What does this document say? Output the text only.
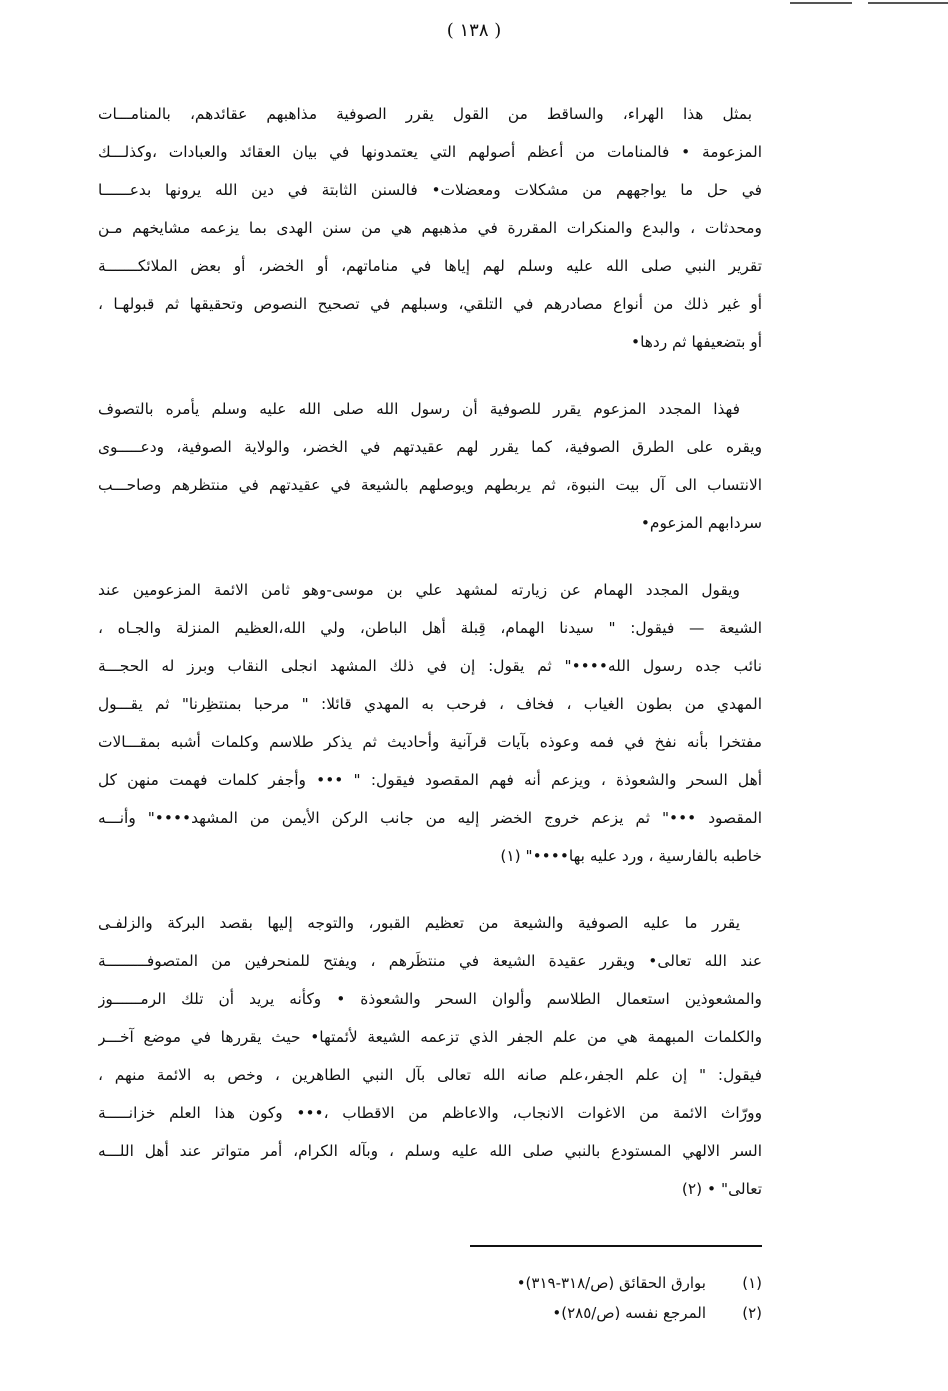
( ١٣٨ )
بمثل هذا الهراء، والساقط من القول يقرر الصوفية مذاهبهم عقائدهم، بالمنامـــات
المزعومة • فالمنامات من أعظم أصولهم التي يعتمدونها في بيان العقائد والعبادات ،وكذلـــك
في حل ما يواجههم من مشكلات ومعضلات• فالسنن الثابتة في دين الله يرونها بدعــــــا
ومحدثات ، والبدع والمنكرات المقررة في مذهبهم هي من سنن الهدى بما يزعمه مشايخهم مـن
تقرير النبي صلى الله عليه وسلم لهم إياها في مناماتهم، أو الخضر، أو بعض الملائكـــــــة
أو غير ذلك من أنواع مصادرهم في التلقي، وسبلهم في تصحيح النصوص وتحقيقها ثم قبولهـا ،
أو بتضعيفها ثم ردها•
فهذا المجدد المزعوم يقرر للصوفية أن رسول الله صلى الله عليه وسلم يأمره بالتصوف
ويقره على الطرق الصوفية، كما يقرر لهم عقيدتهم في الخضر، والولاية الصوفية، ودعـــــوى
الانتساب الى آل بيت النبوة، ثم يربطهم ويوصلهم بالشيعة في عقيدتهم في منتظرهم وصاحـــب
سردابهم المزعوم•
ويقول المجدد الهمام عن زيارته لمشهد علي بن موسى-وهو ثامن الائمة المزعومين عند
الشيعة — فيقول: " سيدنا الهمام، قِبلة أهل الباطن، ولي الله،العظيم المنزلة والجـاه ،
نائب جده رسول الله••••" ثم يقول: إن في ذلك المشهد انجلى النقاب وبرز له الحجـــة
المهدي من بطون الغياب ، فخاف ، فرحب به المهدي قائلا: " مرحبا بمنتظِرنا" ثم يقـــول
مفتخرا بأنه نفخ في فمه وعوذه بآيات قرآنية وأحاديث ثم يذكر طلاسم وكلمات أشبه بمقـــالات
أهل السحر والشعوذة ، ويزعم أنه فهم المقصود فيقول: " ••• وأجفر كلمات فهمت منهن كل
المقصود •••" ثم يزعم خروج الخضر إليه من جانب الركن الأيمن من المشهد••••" وأنـــه
خاطبه بالفارسية ، ورد عليه بها••••" (١)
يقرر ما عليه الصوفية والشيعة من تعظيم القبور، والتوجه إليها بقصد البركة والزلفـى
عند الله تعالى• ويقرر عقيدة الشيعة في منتظَرهم ، ويفتح للمنحرفين من المتصوفـــــــــة
والمشعوذين استعمال الطلاسم وألوان السحر والشعوذة • وكأنه يريد أن تلك الرمــــــوز
والكلمات المبهمة هي من علم الجفر الذي تزعمه الشيعة لأئمتها• حيث يقررها في موضع آخـــر
فيقول: " إن علم الجفر،علم صانه الله تعالى بآل النبي الطاهرين ، وخص به الائمة منهم ،
وورّاث الائمة من الاغوات الانجاب، والاعاظم من الاقطاب ،••• وكون هذا العلم خزانـــــة
السر الالهي المستودع بالنبي صلى الله عليه وسلم ، وبآله الكرام، أمر متواتر عند أهل اللـــه
تعالى" • (٢)
(١)بوارق الحقائق (ص/٣١٨-٣١٩)•
(٢)المرجع نفسه (ص/٢٨٥)•
